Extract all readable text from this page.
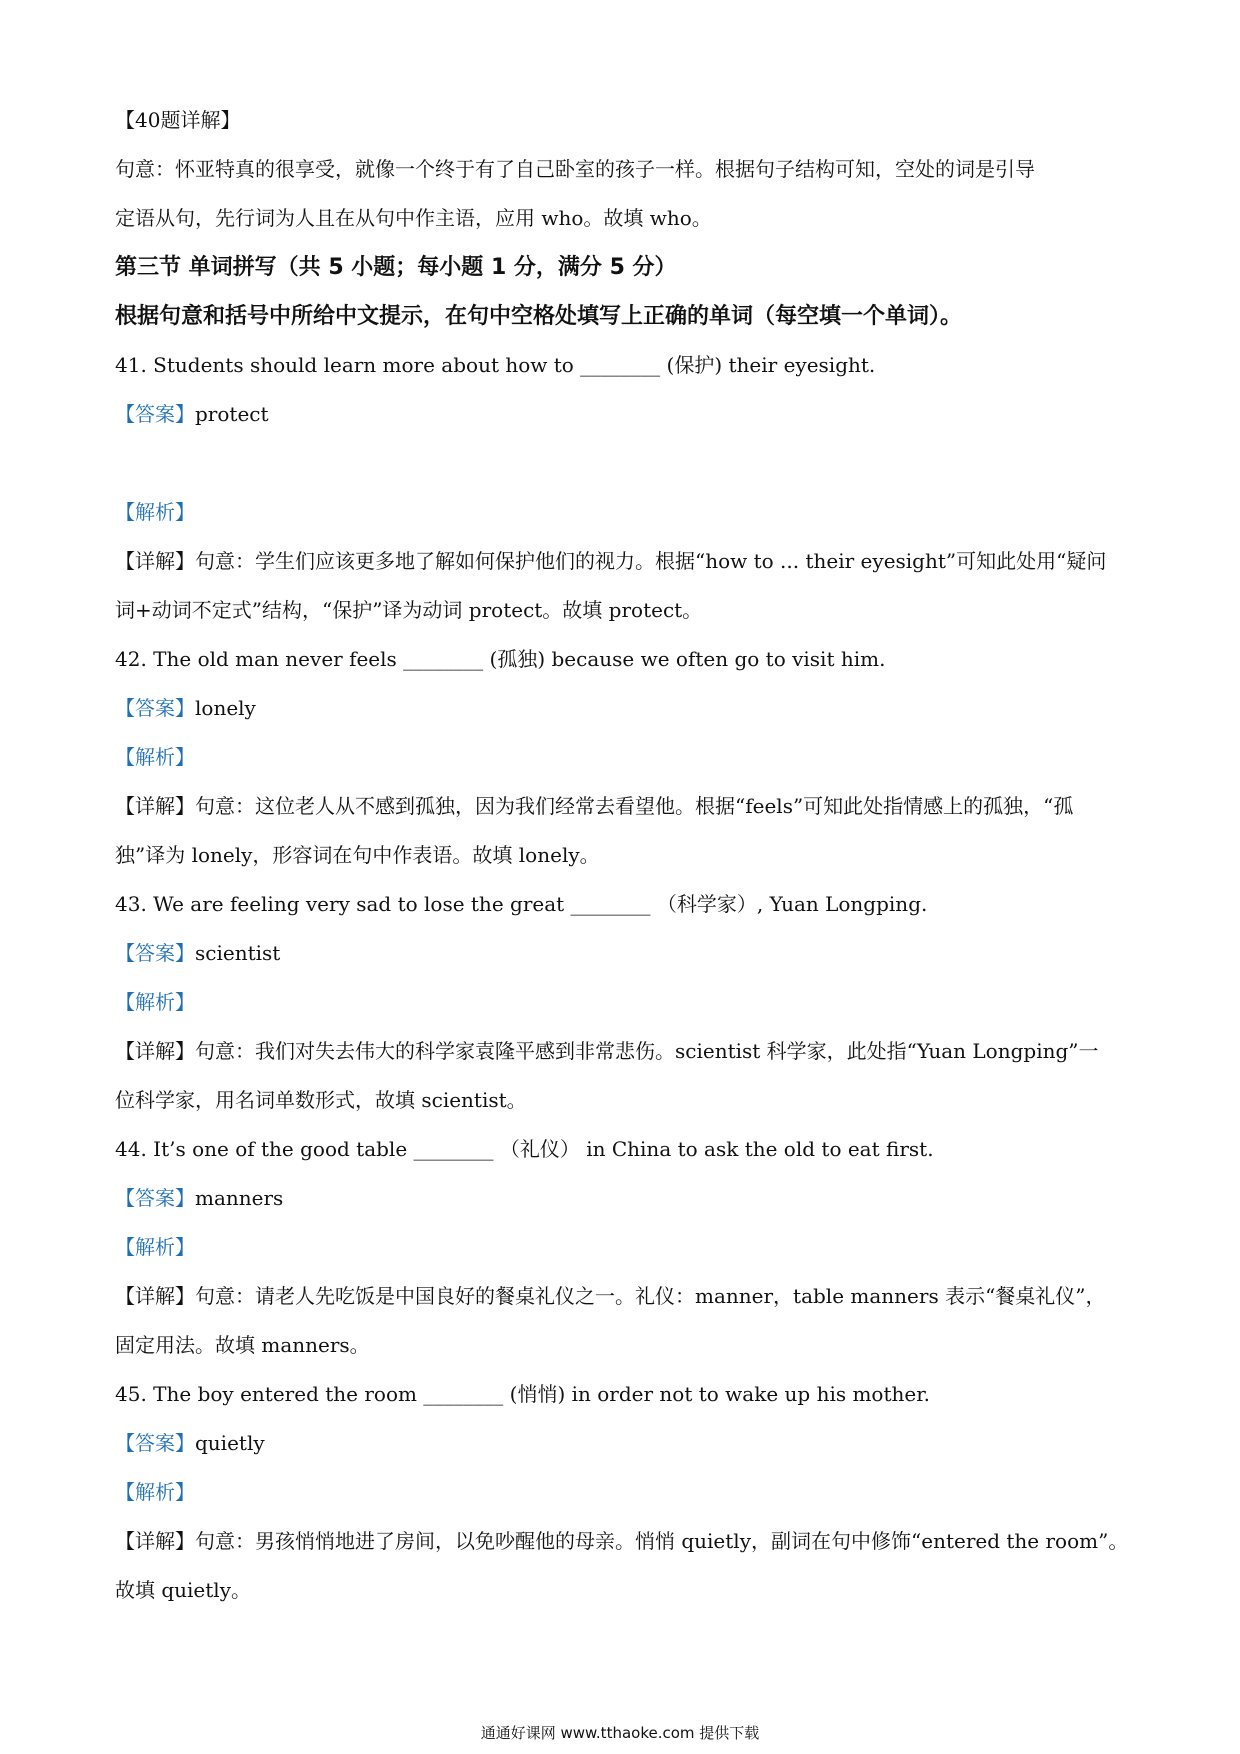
【40题详解】
句意：怀亚特真的很享受，就像一个终于有了自己卧室的孩子一样。根据句子结构可知，空处的词是引导
定语从句，先行词为人且在从句中作主语，应用 who。故填 who。
第三节 单词拼写（共 5 小题；每小题 1 分，满分 5 分）
根据句意和括号中所给中文提示，在句中空格处填写上正确的单词（每空填一个单词）。
41. Students should learn more about how to ________ (保护) their eyesight.
【答案】protect
【解析】
【详解】句意：学生们应该更多地了解如何保护他们的视力。根据“how to ... their eyesight”可知此处用“疑问
词+动词不定式”结构，“保护”译为动词 protect。故填 protect。
42. The old man never feels ________ (孤独) because we often go to visit him.
【答案】lonely
【解析】
【详解】句意：这位老人从不感到孤独，因为我们经常去看望他。根据“feels”可知此处指情感上的孤独，“孤
独”译为 lonely，形容词在句中作表语。故填 lonely。
43. We are feeling very sad to lose the great ________ （科学家）, Yuan Longping.
【答案】scientist
【解析】
【详解】句意：我们对失去伟大的科学家袁隆平感到非常悲伤。scientist 科学家，此处指“Yuan Longping”一
位科学家，用名词单数形式，故填 scientist。
44. It’s one of the good table ________ （礼仪） in China to ask the old to eat first.
【答案】manners
【解析】
【详解】句意：请老人先吃饭是中国良好的餐桌礼仪之一。礼仪：manner，table manners 表示“餐桌礼仪”，
固定用法。故填 manners。
45. The boy entered the room ________ (悄悄) in order not to wake up his mother.
【答案】quietly
【解析】
【详解】句意：男孩悄悄地进了房间，以免吵醒他的母亲。悄悄 quietly，副词在句中修饰“entered the room”。
故填 quietly。
通通好课网 www.tthaoke.com 提供下载
